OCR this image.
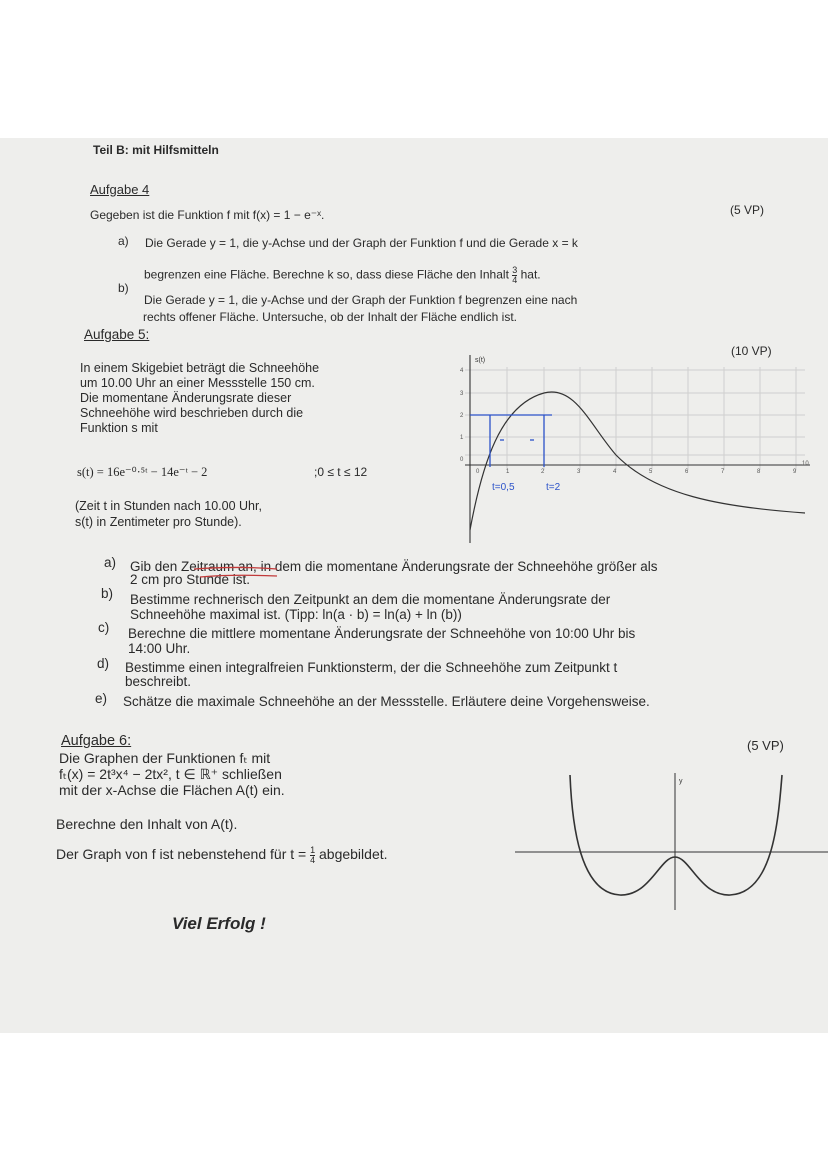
Teil B: mit Hilfsmitteln
Aufgabe 4
Gegeben ist die Funktion f mit f(x) = 1 − e⁻ˣ.	(5 VP)
a) Die Gerade y = 1, die y-Achse und der Graph der Funktion f und die Gerade x = k
begrenzen eine Fläche. Berechne k so, dass diese Fläche den Inhalt $\frac{3}{4}$ hat.
b)
Die Gerade y = 1, die y-Achse und der Graph der Funktion f begrenzen eine nach
rechts offener Fläche. Untersuche, ob der Inhalt der Fläche endlich ist.
Aufgabe 5:
(10 VP)
In einem Skigebiet beträgt die Schneehöhe
um 10.00 Uhr an einer Messstelle 150 cm.
Die momentane Änderungsrate dieser
Schneehöhe wird beschrieben durch die
Funktion s mit
s(t) = 16e⁻⁰·⁵ᵗ − 14e⁻ᵗ − 2	;0 ≤ t ≤ 12
(Zeit t in Stunden nach 10.00 Uhr,
s(t) in Zentimeter pro Stunde).
s(t)
4
3
2
1
0
0	1	2	3	4	5	6	7	8	9
10
t=0,5	t=2
a) Gib den Zeitraum an, in dem die momentane Änderungsrate der Schneehöhe größer als
2 cm pro Stunde ist.
b) Bestimme rechnerisch den Zeitpunkt an dem die momentane Änderungsrate der
Schneehöhe maximal ist. (Tipp: ln(a · b) = ln(a) + ln (b))
c) Berechne die mittlere momentane Änderungsrate der Schneehöhe von 10:00 Uhr bis
14:00 Uhr.
d) Bestimme einen integralfreien Funktionsterm, der die Schneehöhe zum Zeitpunkt t
beschreibt.
e) Schätze die maximale Schneehöhe an der Messstelle. Erläutere deine Vorgehensweise.
Aufgabe 6:	(5 VP)
Die Graphen der Funktionen fₜ mit
fₜ(x) = 2t³x⁴ − 2tx², t ∈ ℝ⁺ schließen
mit der x-Achse die Flächen A(t) ein.
Berechne den Inhalt von A(t).
Der Graph von f ist nebenstehend für $t = \frac{1}{4}$ abgebildet.
y
Viel Erfolg !
